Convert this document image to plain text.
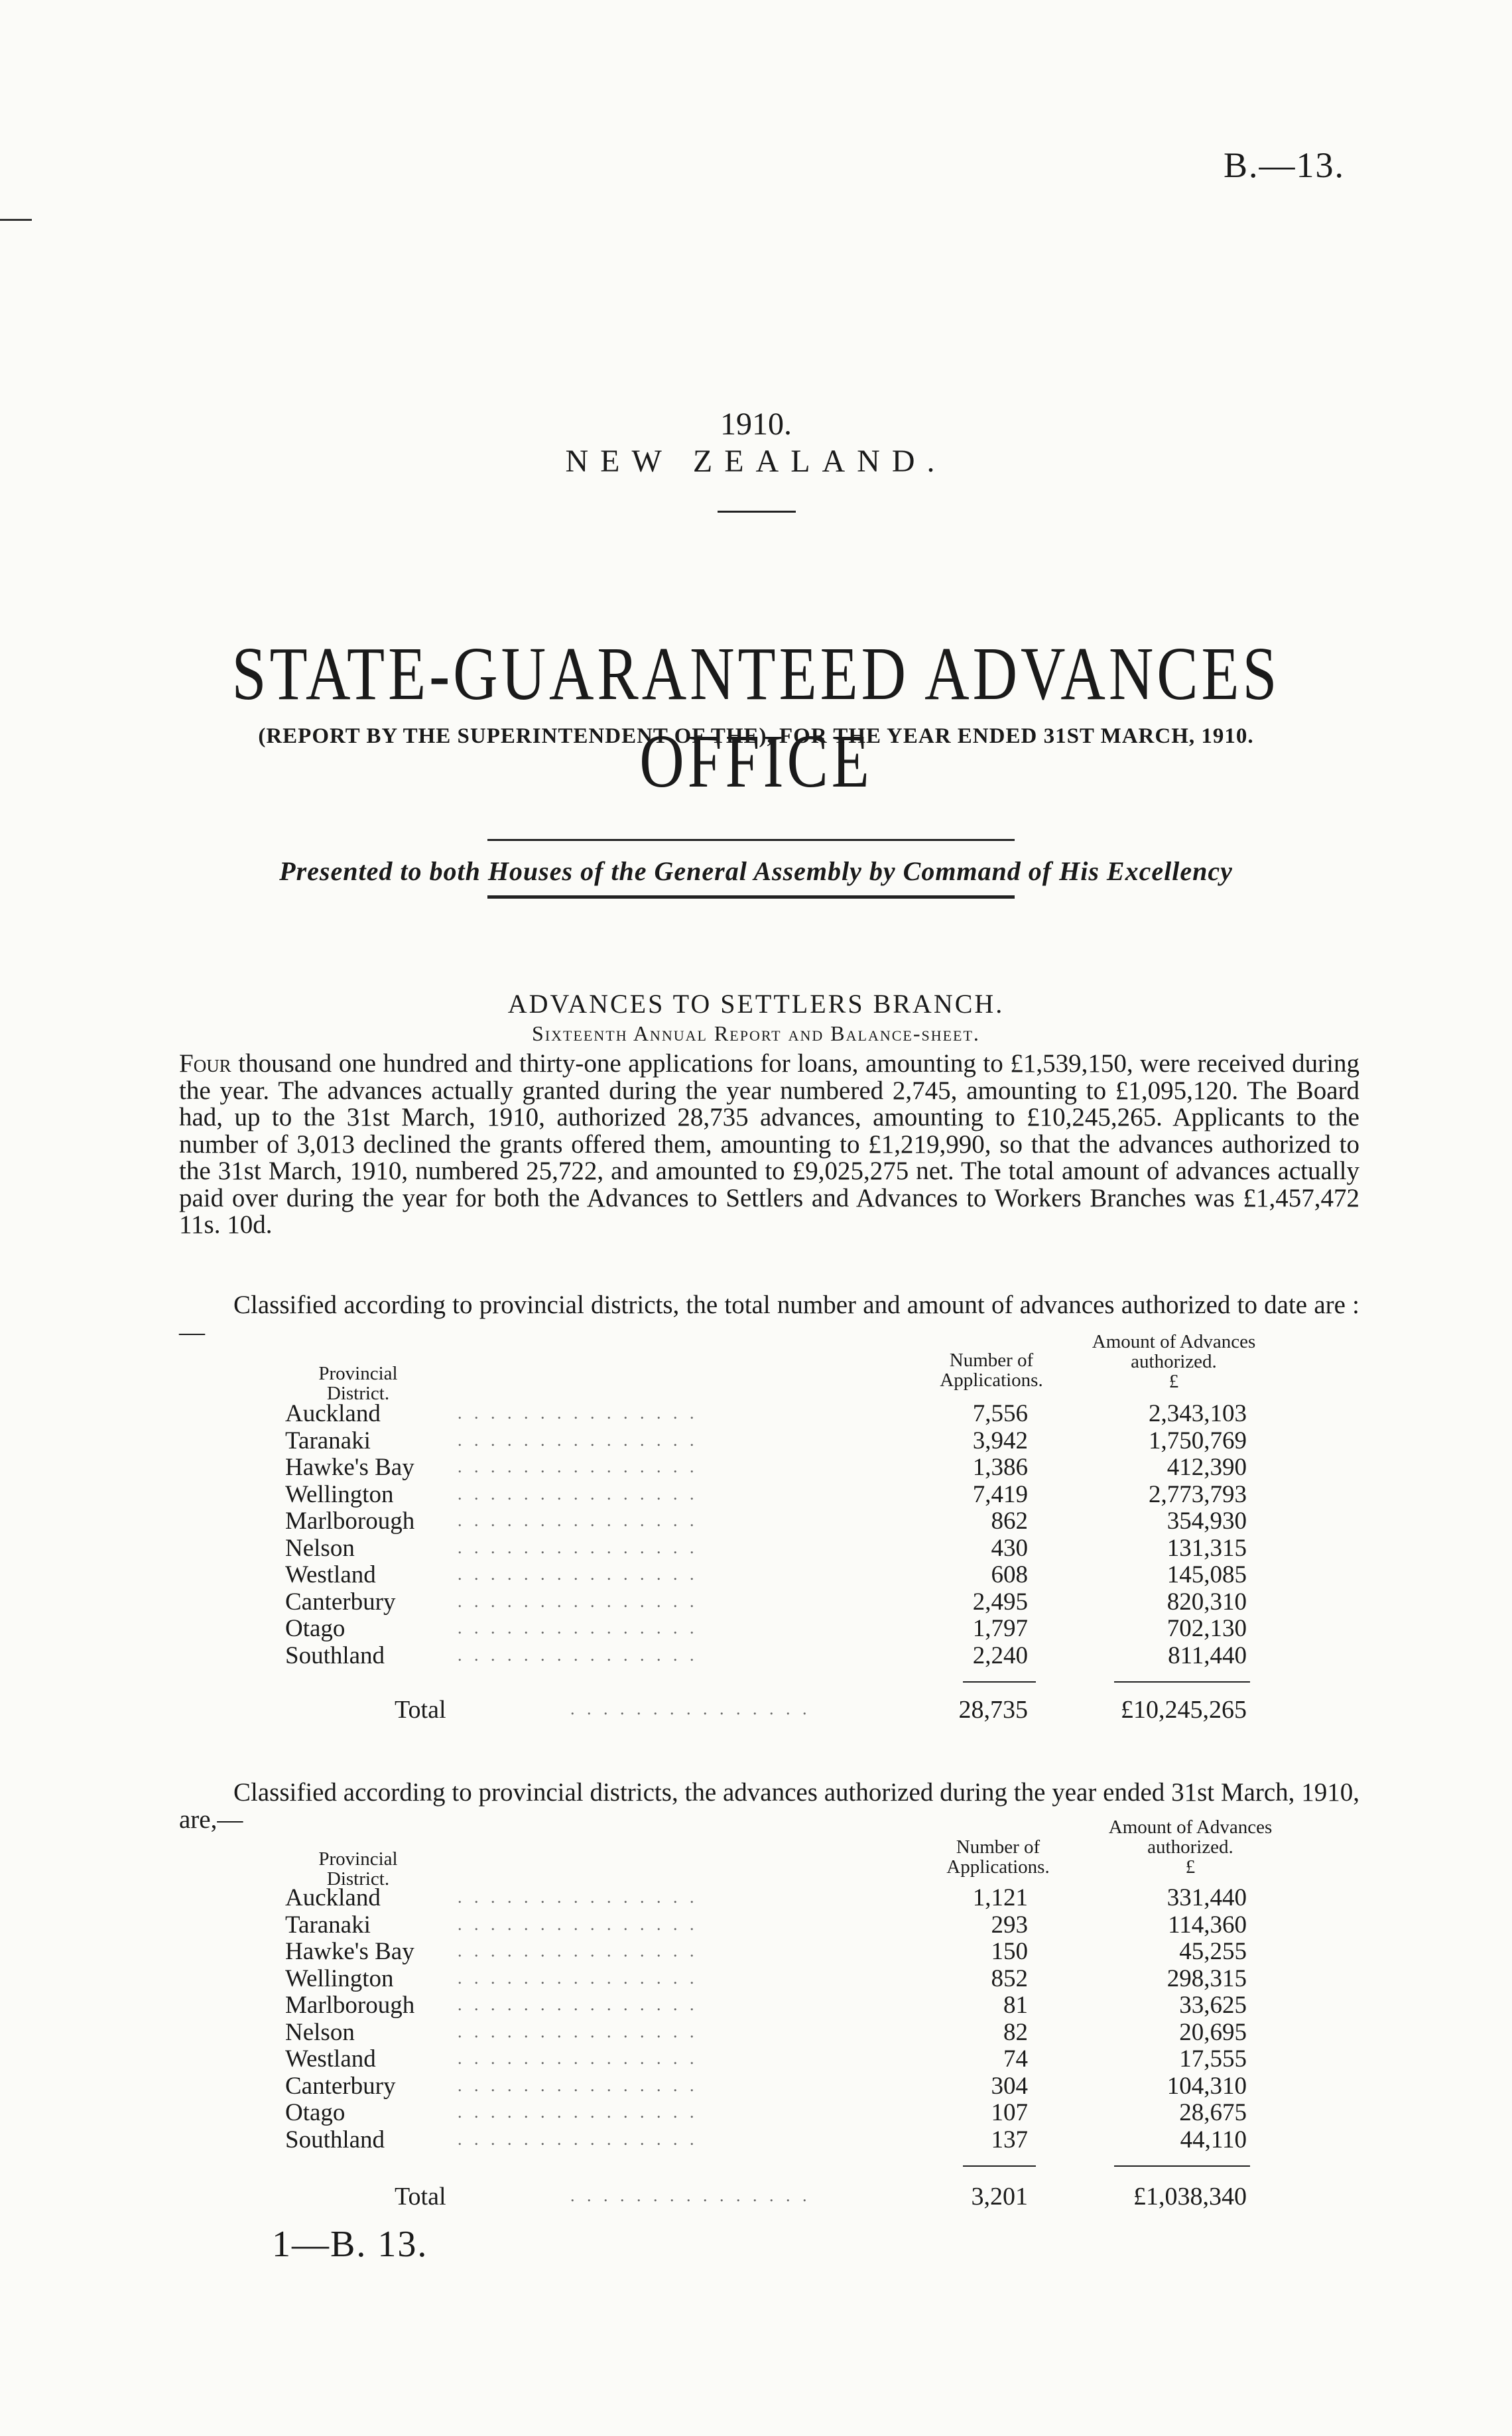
B.—13.
1910.
NEW ZEALAND.
STATE-GUARANTEED ADVANCES OFFICE
(REPORT BY THE SUPERINTENDENT OF THE), FOR THE YEAR ENDED 31ST MARCH, 1910.
Presented to both Houses of the General Assembly by Command of His Excellency
ADVANCES TO SETTLERS BRANCH.
Sixteenth Annual Report and Balance-sheet.
Four thousand one hundred and thirty-one applications for loans, amounting to £1,539,150, were received during the year. The advances actually granted during the year numbered 2,745, amounting to £1,095,120. The Board had, up to the 31st March, 1910, authorized 28,735 advances, amounting to £10,245,265. Applicants to the number of 3,013 declined the grants offered them, amounting to £1,219,990, so that the advances authorized to the 31st March, 1910, numbered 25,722, and amounted to £9,025,275 net. The total amount of advances actually paid over during the year for both the Advances to Settlers and Advances to Workers Branches was £1,457,472 11s. 10d.
Classified according to provincial districts, the total number and amount of advances authorized to date are :—
Provincial District.
Number of Applications.
Amount of Advances authorized.
£
Auckland	. . . . . . . . . . . . . . .	7,556	2,343,103
Taranaki	. . . . . . . . . . . . . . .	3,942	1,750,769
Hawke's Bay	. . . . . . . . . . . . . . .	1,386	412,390
Wellington	. . . . . . . . . . . . . . .	7,419	2,773,793
Marlborough . . . . . . . . . . . . . . .	862	354,930
Nelson	. . . . . . . . . . . . . . .	430	131,315
Westland	. . . . . . . . . . . . . . .	608	145,085
Canterbury	. . . . . . . . . . . . . . .	2,495	820,310
Otago	. . . . . . . . . . . . . . .	1,797	702,130
Southland	. . . . . . . . . . . . . . .	2,240	811,440
Total	. . . . . . . . . . . . . . .	28,735	£10,245,265
Classified according to provincial districts, the advances authorized during the year ended 31st March, 1910, are,—
Provincial District.
Number of Applications.
Amount of Advances authorized.
£
Auckland	. . . . . . . . . . . . . . .	1,121	331,440
Taranaki	. . . . . . . . . . . . . . .	293	114,360
Hawke's Bay	. . . . . . . . . . . . . . .	150	45,255
Wellington	. . . . . . . . . . . . . . .	852	298,315
Marlborough . . . . . . . . . . . . . . .	81	33,625
Nelson	. . . . . . . . . . . . . . .	82	20,695
Westland	. . . . . . . . . . . . . . .	74	17,555
Canterbury	. . . . . . . . . . . . . . .	304	104,310
Otago	. . . . . . . . . . . . . . .	107	28,675
Southland	. . . . . . . . . . . . . . .	137	44,110
Total	. . . . . . . . . . . . . . .	3,201	£1,038,340
1—B. 13.
